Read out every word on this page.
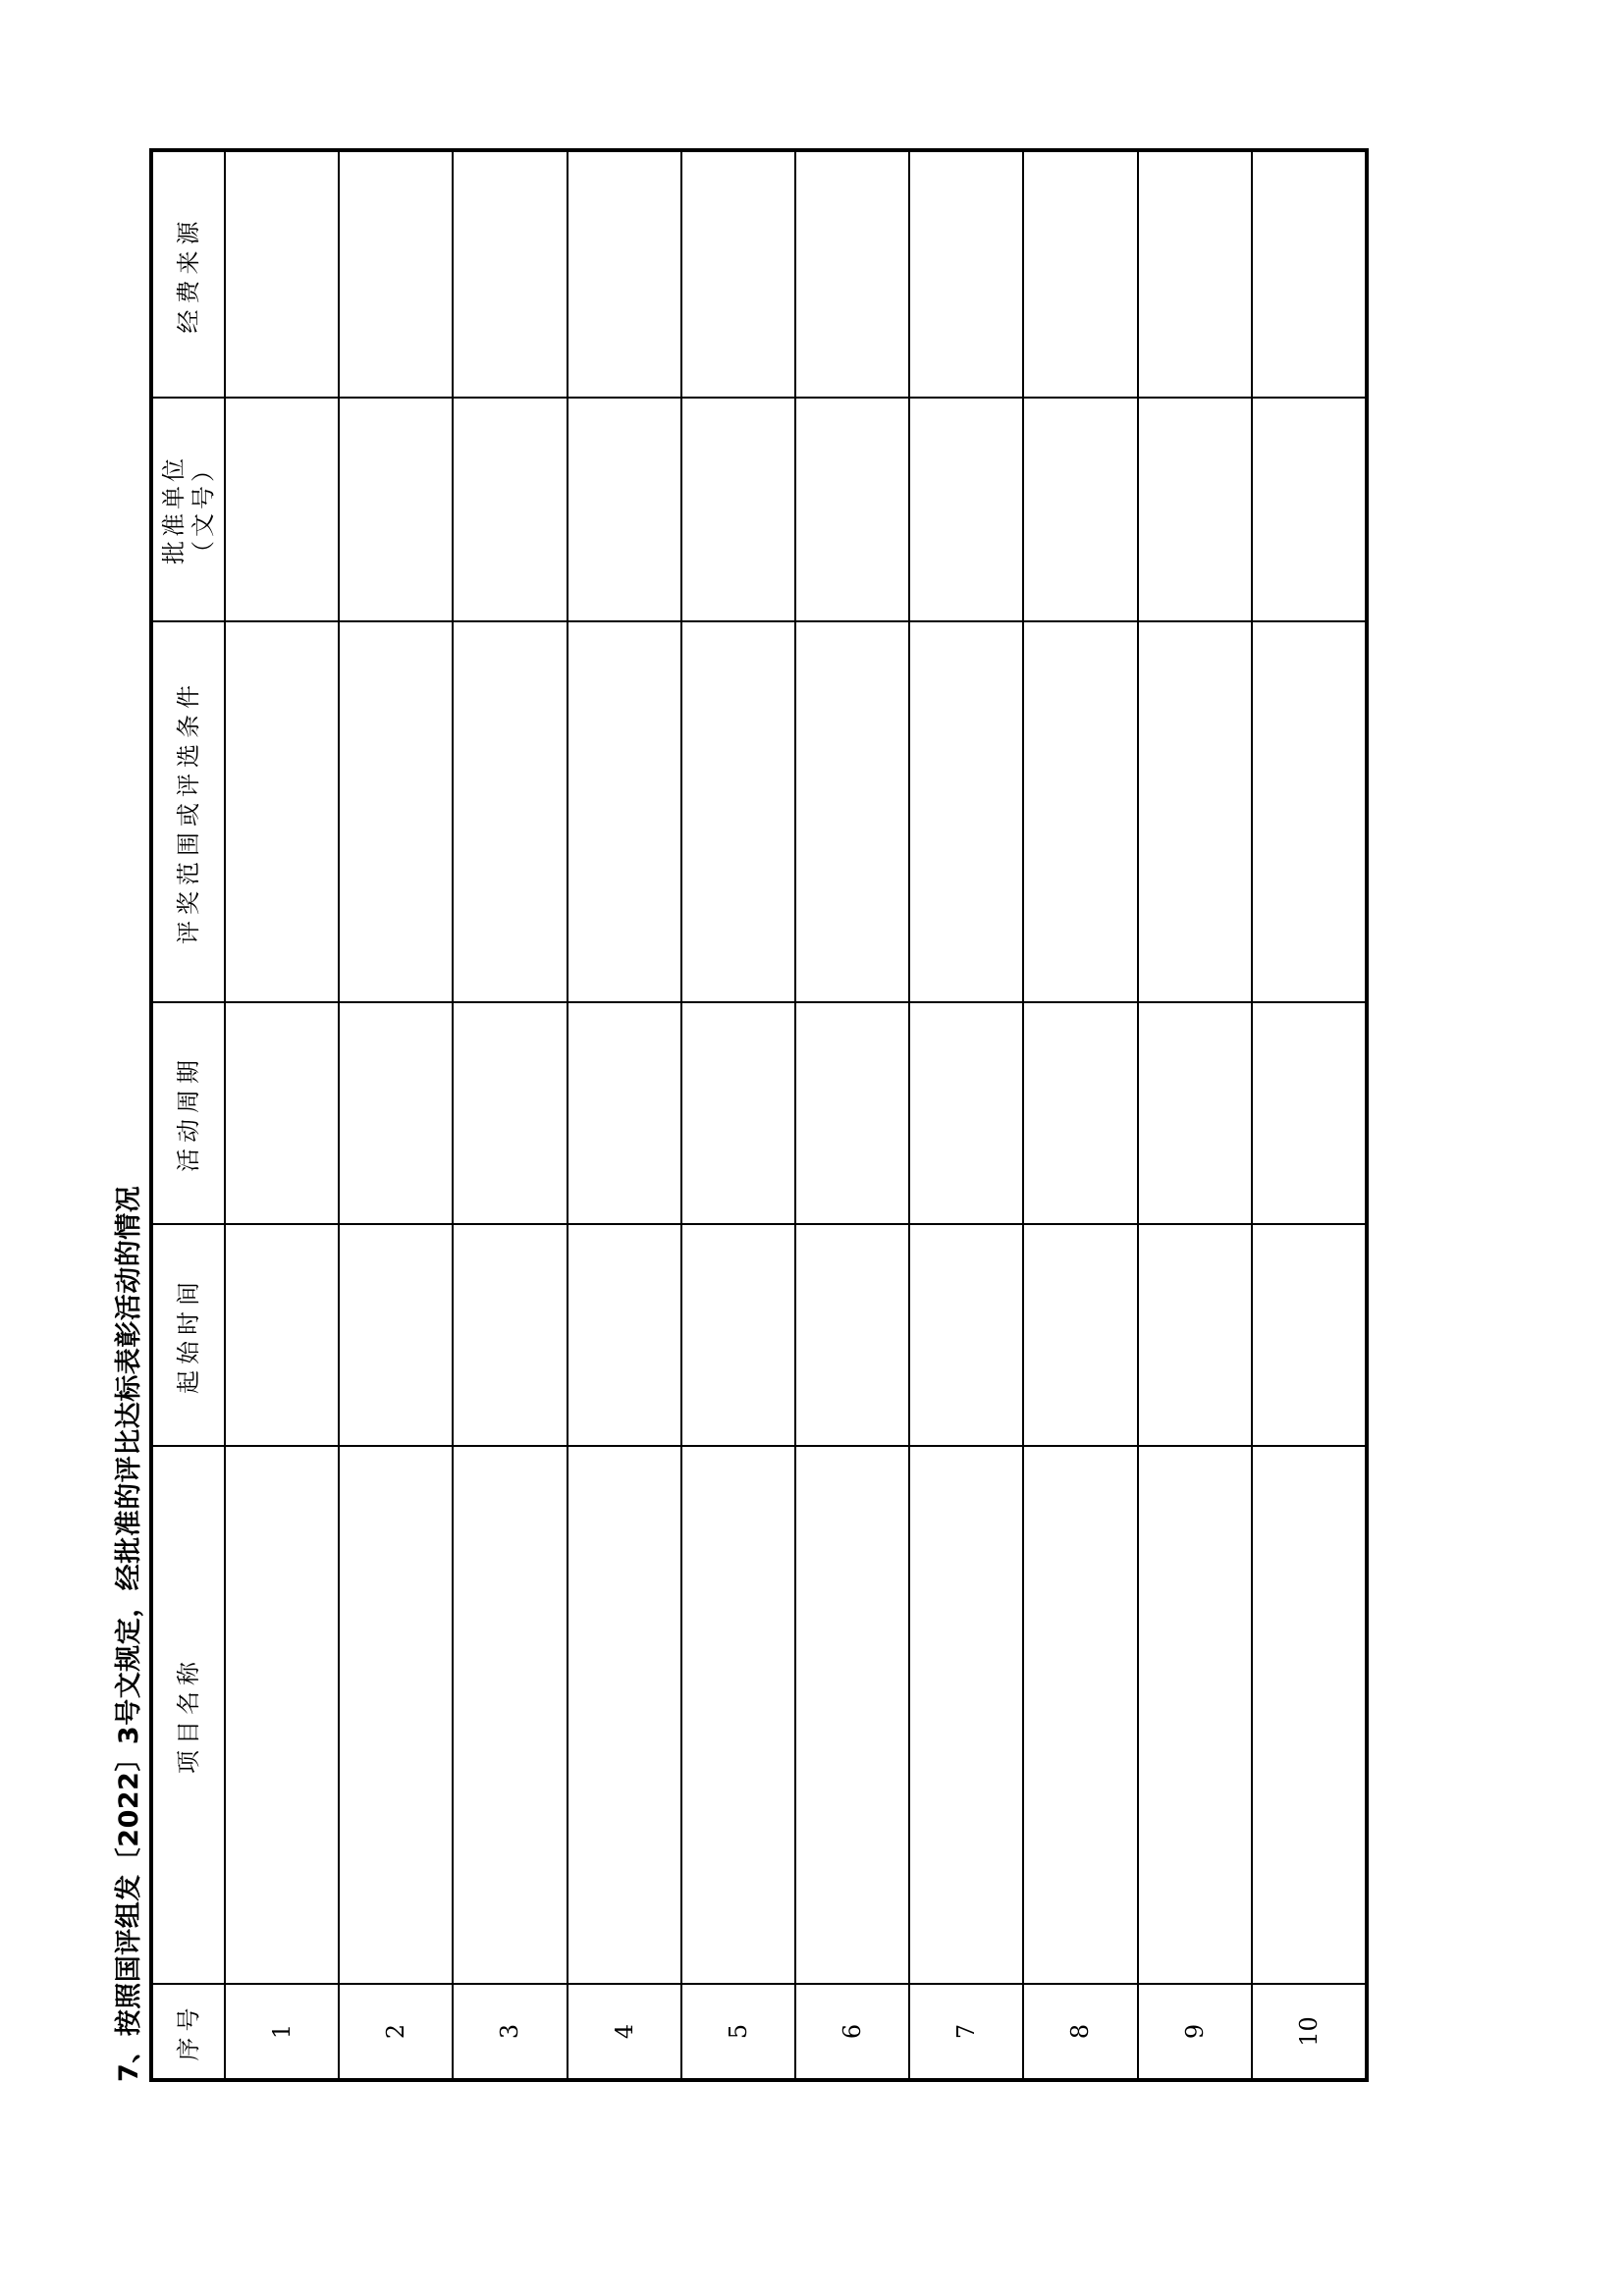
7、按照国评组发〔2022〕3号文规定，经批准的评比达标表彰活动的情况 序号	项目名称	起始时间	活动周期	评奖范围或评选条件	批准单位 （文号）	经费来源
1						
2						
3						
4						
5						
6						
7						
8						
9						
10						
